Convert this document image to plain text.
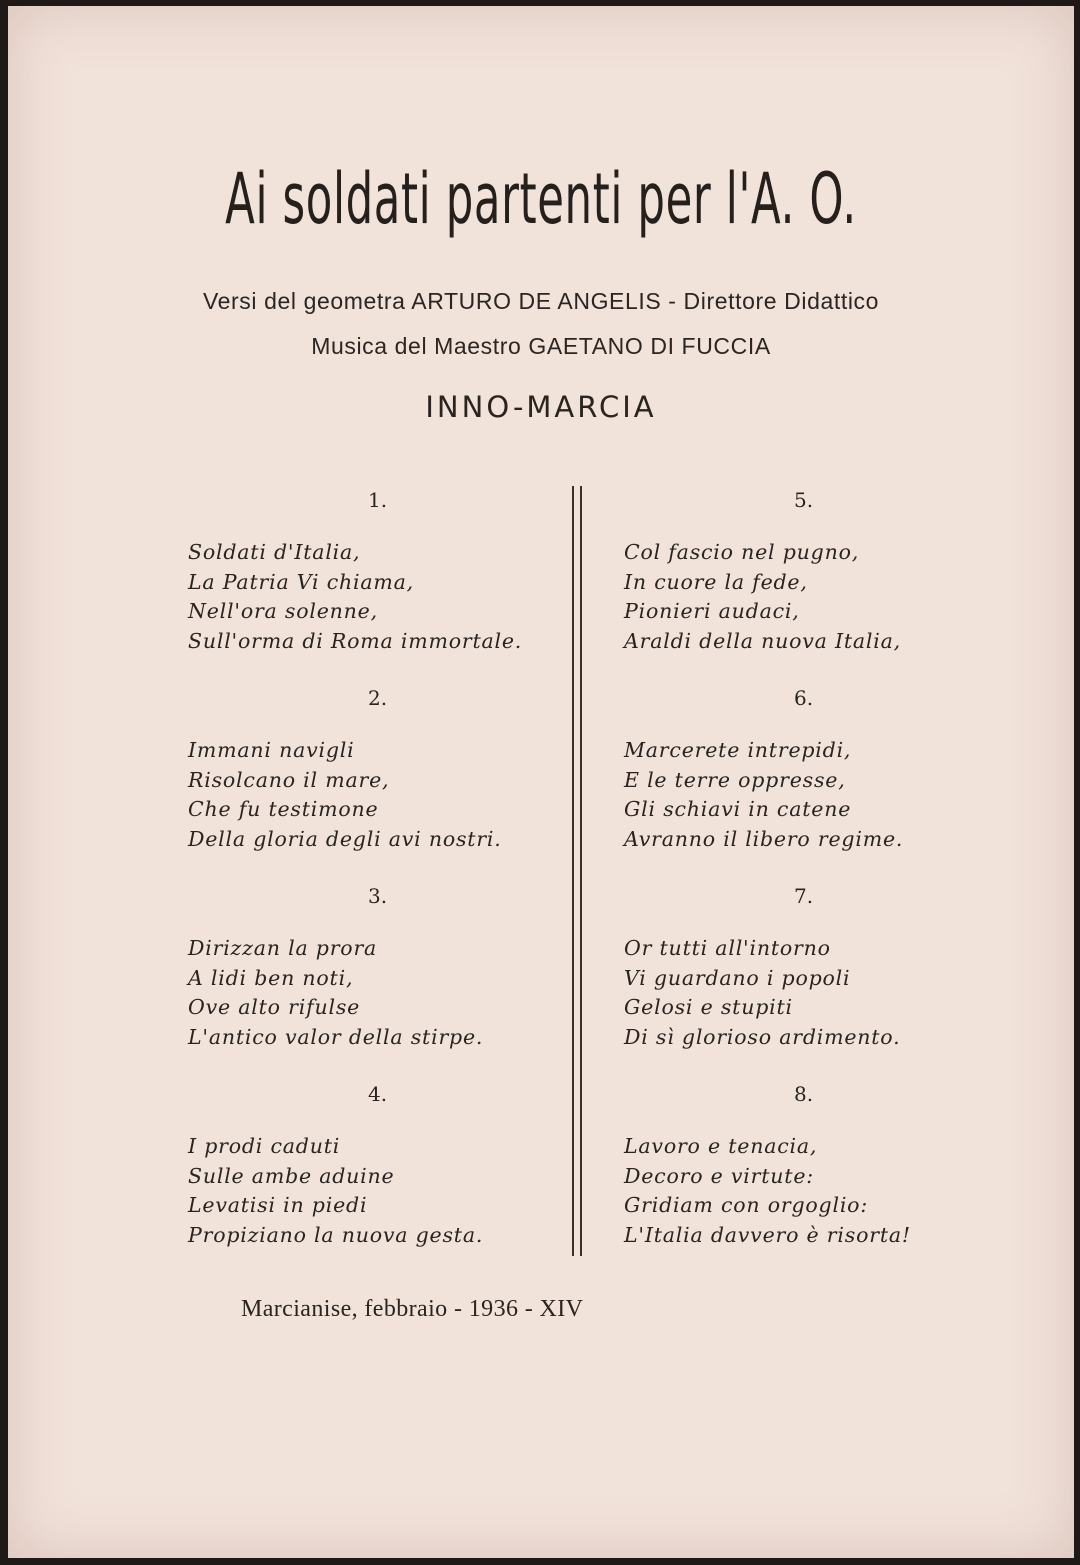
Ai soldati partenti per l'A. O.
Versi del geometra ARTURO DE ANGELIS - Direttore Didattico
Musica del Maestro GAETANO DI FUCCIA
INNO-MARCIA
1.
Soldati d'Italia,
La Patria Vi chiama,
Nell'ora solenne,
Sull'orma di Roma immortale.
2.
Immani navigli
Risolcano il mare,
Che fu testimone
Della gloria degli avi nostri.
3.
Dirizzan la prora
A lidi ben noti,
Ove alto rifulse
L'antico valor della stirpe.
4.
I prodi caduti
Sulle ambe aduine
Levatisi in piedi
Propiziano la nuova gesta.
5.
Col fascio nel pugno,
In cuore la fede,
Pionieri audaci,
Araldi della nuova Italia,
6.
Marcerete intrepidi,
E le terre oppresse,
Gli schiavi in catene
Avranno il libero regime.
7.
Or tutti all'intorno
Vi guardano i popoli
Gelosi e stupiti
Di sì glorioso ardimento.
8.
Lavoro e tenacia,
Decoro e virtute:
Gridiam con orgoglio:
L'Italia davvero è risorta!
Marcianise, febbraio - 1936 - XIV
